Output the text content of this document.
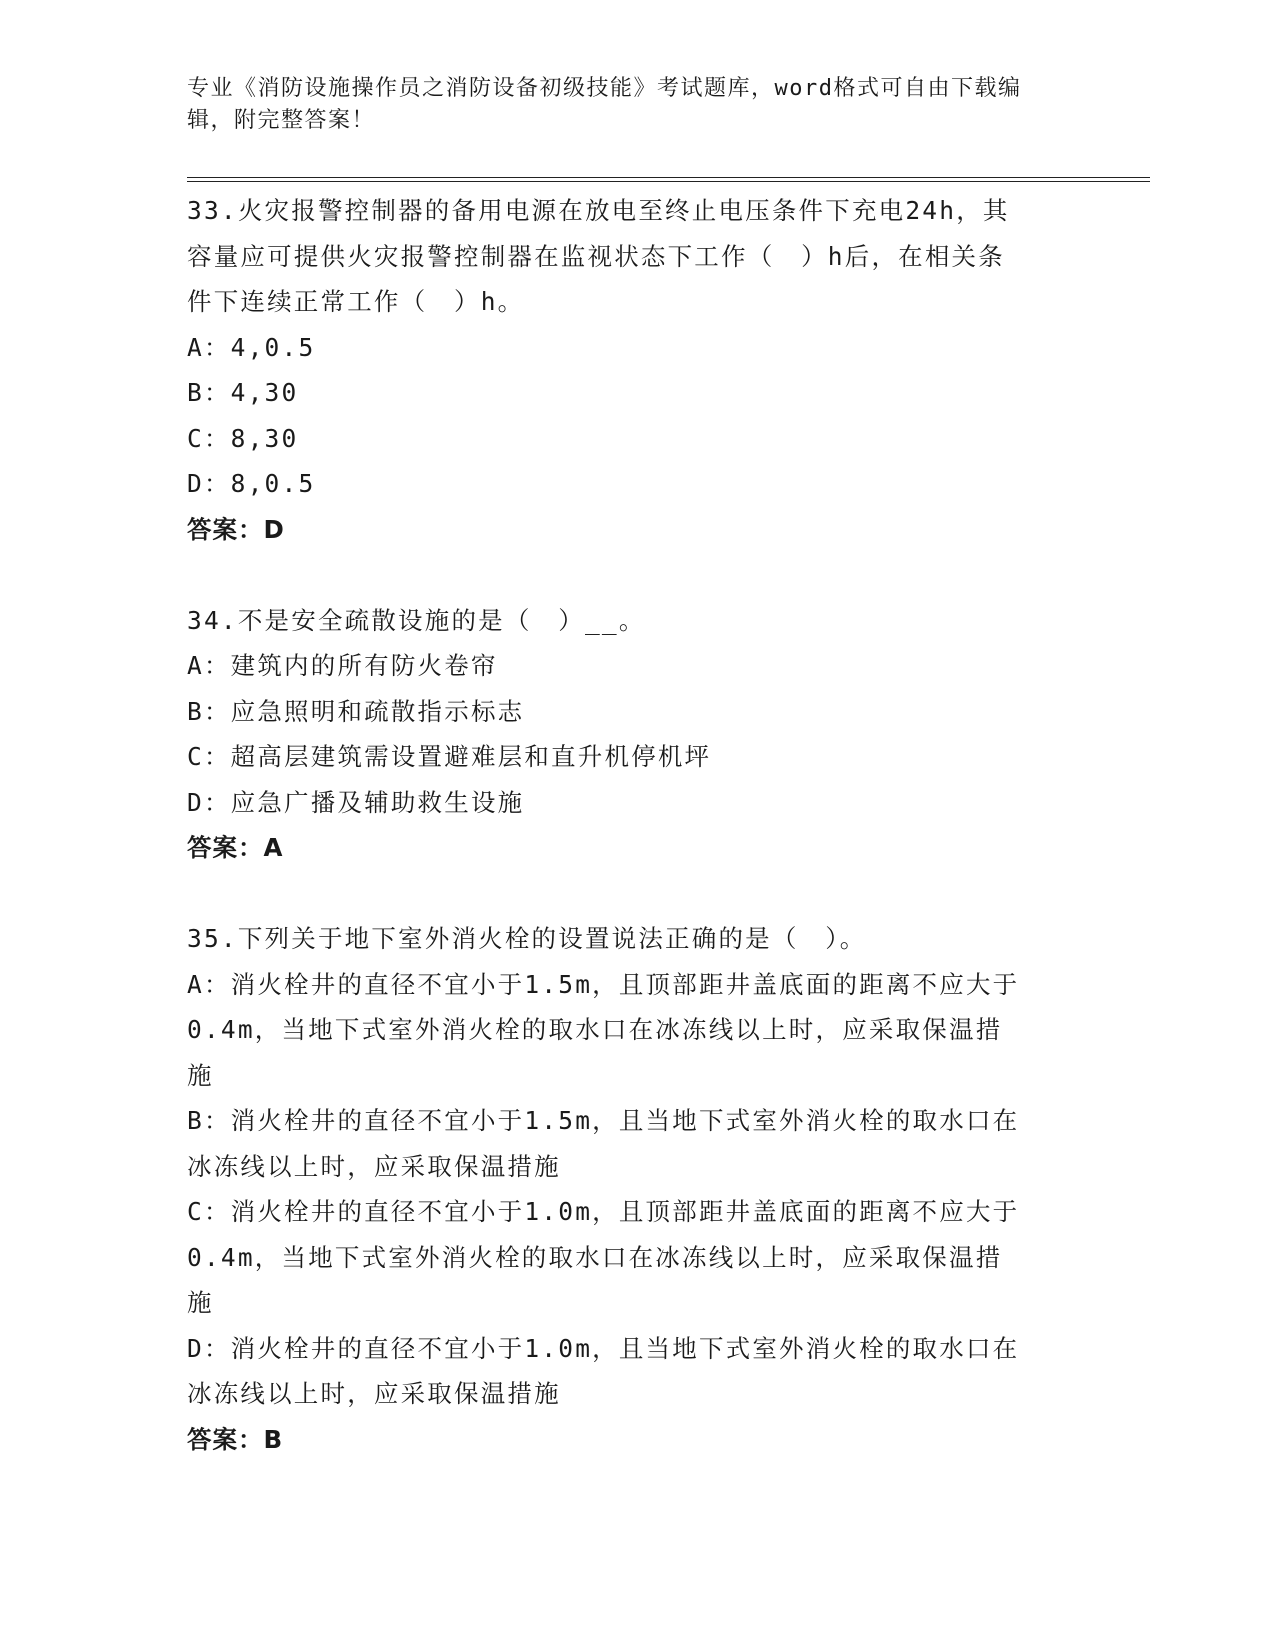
专业《消防设施操作员之消防设备初级技能》考试题库，word格式可自由下载编
辑，附完整答案！
33.火灾报警控制器的备用电源在放电至终止电压条件下充电24h，其
容量应可提供火灾报警控制器在监视状态下工作（　）h后，在相关条
件下连续正常工作（　）h。
A：4,0.5
B：4,30
C：8,30
D：8,0.5
答案：D
34.不是安全疏散设施的是（　）__。
A：建筑内的所有防火卷帘
B：应急照明和疏散指示标志
C：超高层建筑需设置避难层和直升机停机坪
D：应急广播及辅助救生设施
答案：A
35.下列关于地下室外消火栓的设置说法正确的是（　）。
A：消火栓井的直径不宜小于1.5m，且顶部距井盖底面的距离不应大于
0.4m，当地下式室外消火栓的取水口在冰冻线以上时，应采取保温措
施
B：消火栓井的直径不宜小于1.5m，且当地下式室外消火栓的取水口在
冰冻线以上时，应采取保温措施
C：消火栓井的直径不宜小于1.0m，且顶部距井盖底面的距离不应大于
0.4m，当地下式室外消火栓的取水口在冰冻线以上时，应采取保温措
施
D：消火栓井的直径不宜小于1.0m，且当地下式室外消火栓的取水口在
冰冻线以上时，应采取保温措施
答案：B
